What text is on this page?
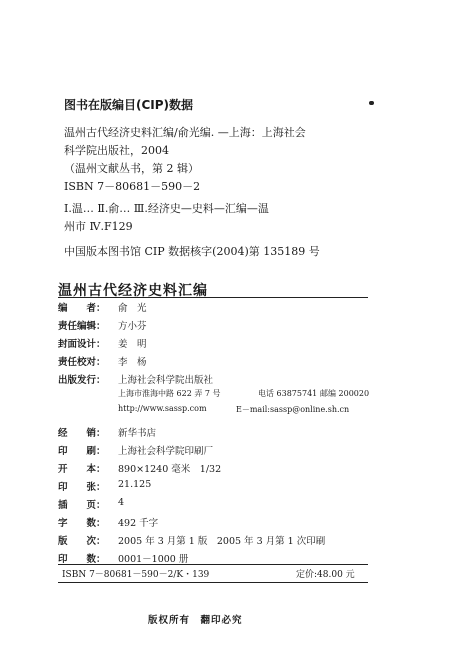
图书在版编目(CIP)数据
温州古代经济史料汇编/俞光编. —上海：上海社会
科学院出版社，2004
（温州文献丛书，第 2 辑）
ISBN 7－80681－590－2
Ⅰ.温… Ⅱ.俞… Ⅲ.经济史—史料—汇编—温
州市 Ⅳ.F129
中国版本图书馆 CIP 数据核字(2004)第 135189 号
温州古代经济史料汇编
编　　者： 俞　光
责任编辑： 方小芬
封面设计： 姜　明
责任校对： 李　杨
出版发行： 上海社会科学院出版社
上海市淮海中路 622 弄 7 号	电话 63875741 邮编 200020
http://www.sassp.com	E－mail:sassp@online.sh.cn
经　　销： 新华书店
印　　刷： 上海社会科学院印刷厂
开　　本： 890×1240 毫米　1/32
印　　张： 21.125
插　　页： 4
字　　数： 492 千字
版　　次： 2005 年 3 月第 1 版　2005 年 3 月第 1 次印刷
印　　数： 0001－1000 册
ISBN 7－80681－590－2/K・139	定价:48.00 元
版权所有　翻印必究
